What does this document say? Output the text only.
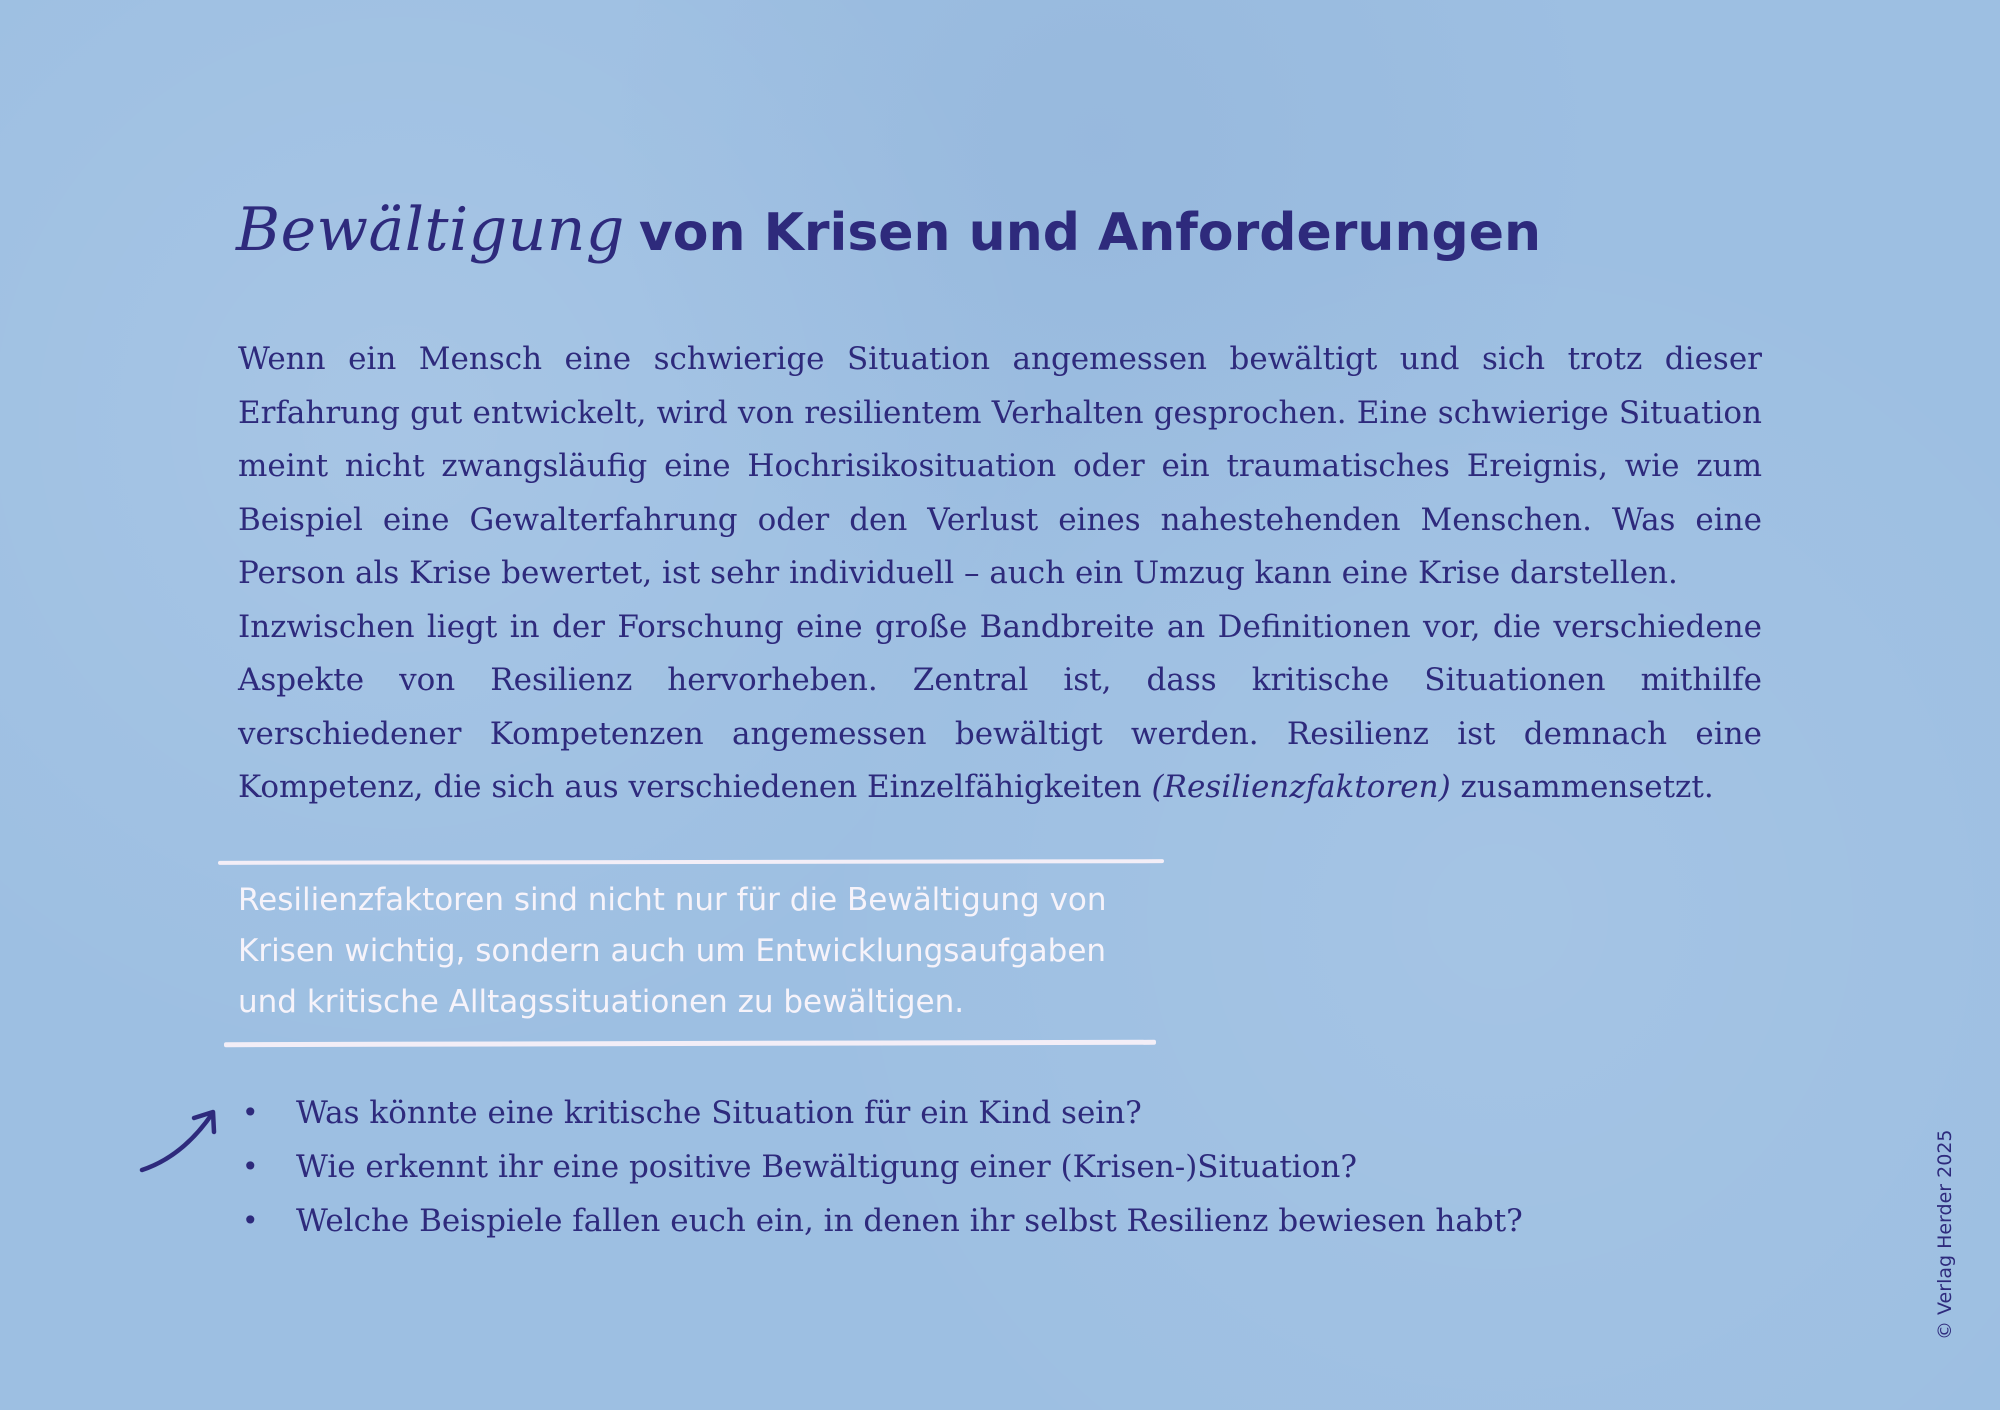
Bewältigung von Krisen und Anforderungen

Wenn ein Mensch eine schwierige Situation angemessen bewältigt und sich trotz dieser Erfahrung gut entwickelt, wird von resilientem Verhalten gesprochen. Eine schwierige Situation meint nicht zwangsläufig eine Hochrisikosituation oder ein traumatisches Ereignis, wie zum Beispiel eine Gewalterfahrung oder den Verlust eines nahestehenden Menschen. Was eine Person als Krise bewertet, ist sehr individuell – auch ein Umzug kann eine Krise darstellen.

Inzwischen liegt in der Forschung eine große Bandbreite an Definitionen vor, die verschiedene Aspekte von Resilienz hervorheben. Zentral ist, dass kritische Situationen mithilfe verschiedener Kompetenzen angemessen bewältigt werden. Resilienz ist demnach eine Kompetenz, die sich aus verschiedenen Einzelfähigkeiten (Resilienzfaktoren) zusammensetzt.

Resilienzfaktoren sind nicht nur für die Bewältigung von
Krisen wichtig, sondern auch um Entwicklungsaufgaben
und kritische Alltagssituationen zu bewältigen.

• Was könnte eine kritische Situation für ein Kind sein?
• Wie erkennt ihr eine positive Bewältigung einer (Krisen-)Situation?
• Welche Beispiele fallen euch ein, in denen ihr selbst Resilienz bewiesen habt?	© Verlag Herder 2025
